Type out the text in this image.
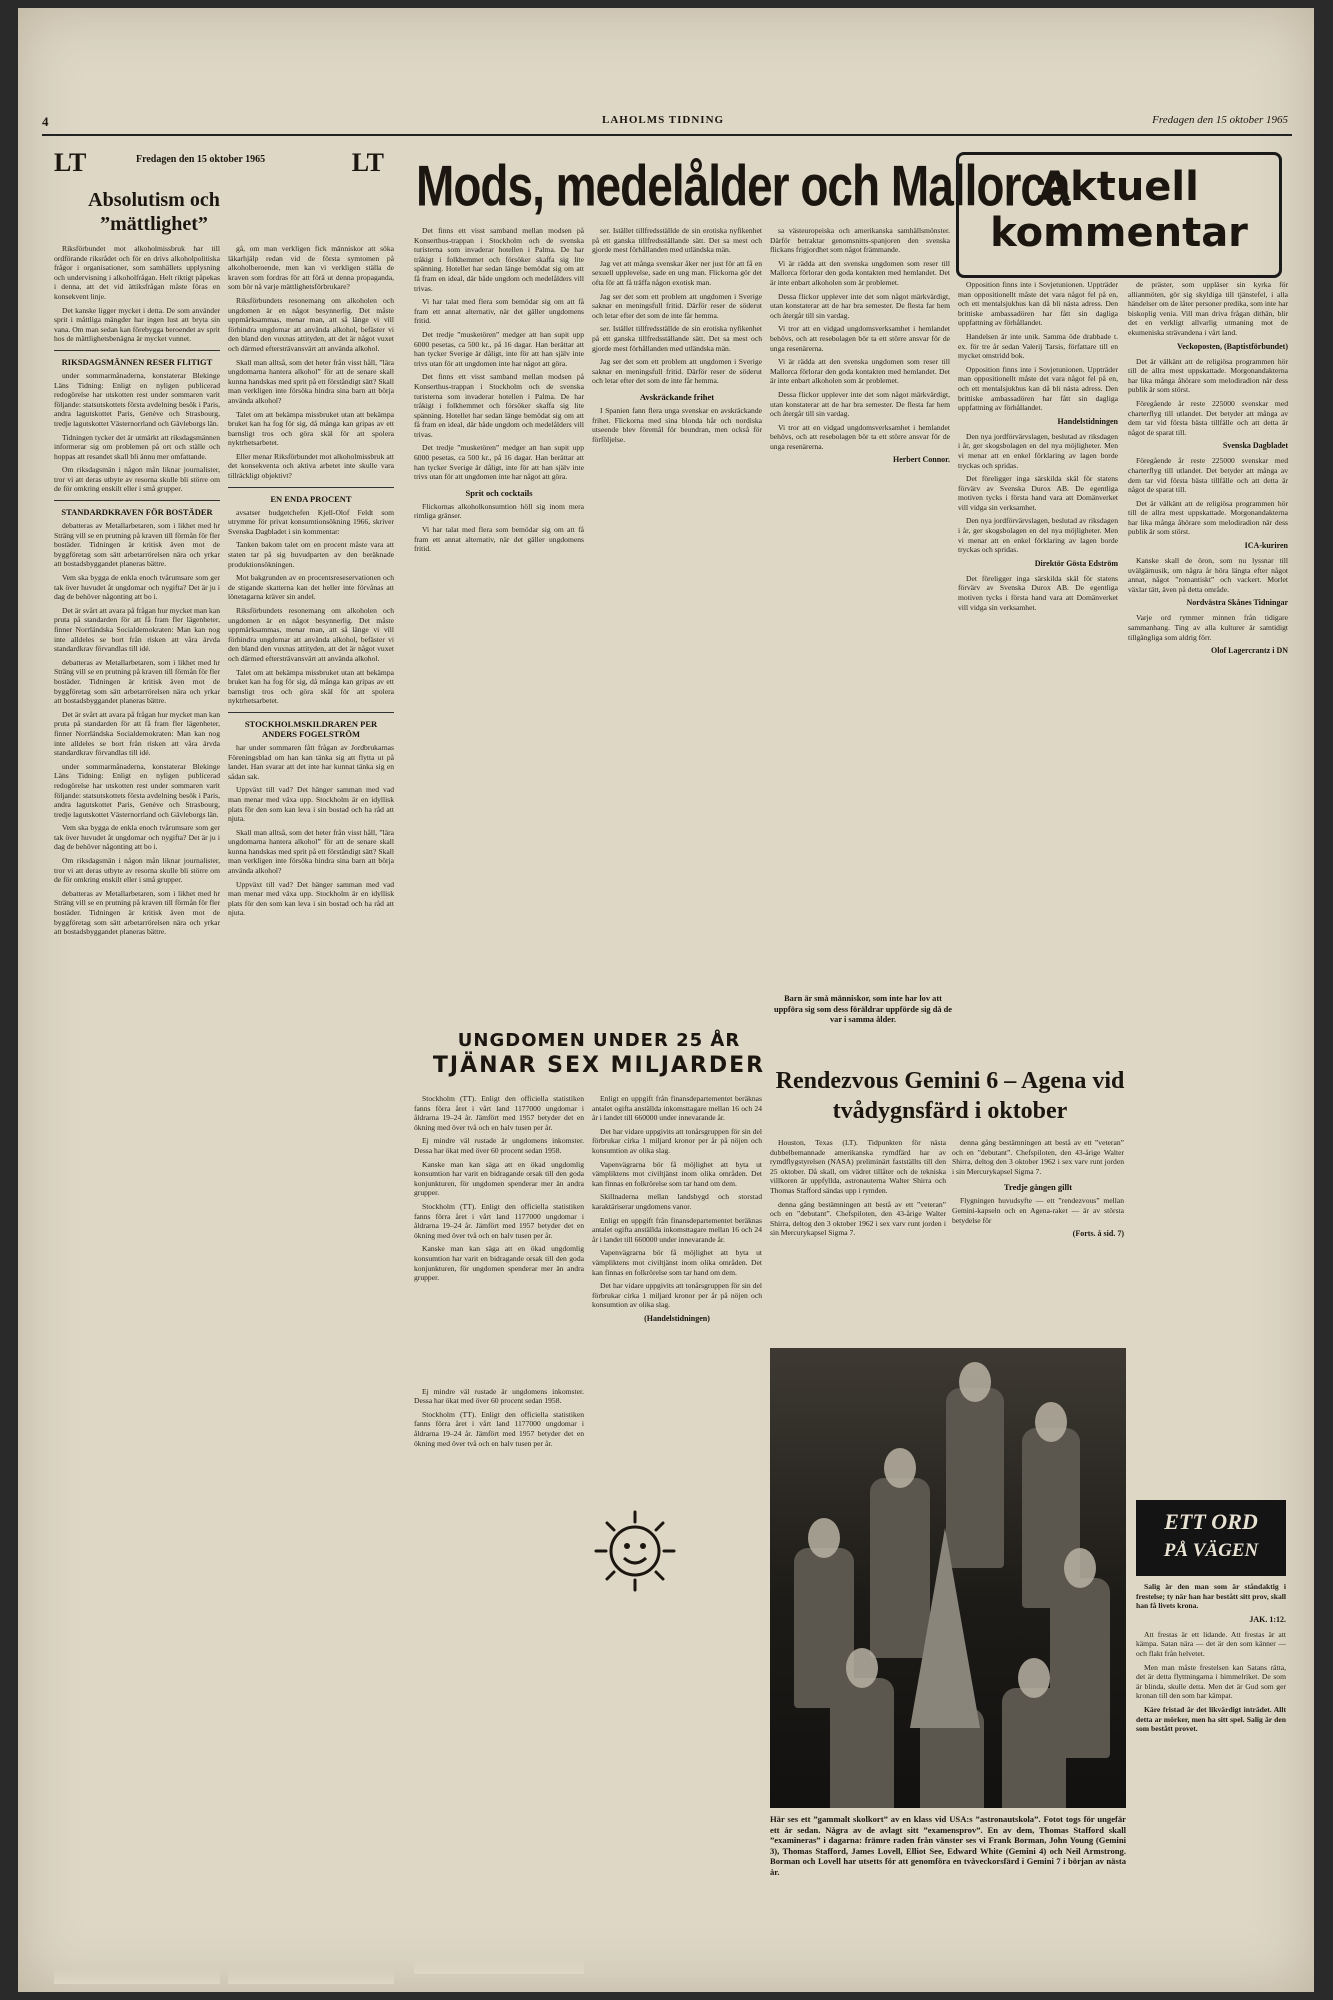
4	LAHOLMS TIDNING	Fredagen den 15 oktober 1965
LT	Fredagen den 15 oktober 1965	LT
Absolutism och ”mättlighet”

Riksförbundet mot alkoholmissbruk har till ordförande riksrådet och för en drivs alkoholpolitiska frågor i organisationer, som samhällets upplysning och undervisning i alkoholfrågan. Helt riktigt påpekas i denna, att det vid ättiksfrågan måste föras en konsekvent linje.

Det kanske ligger mycket i detta. De som använder sprit i måttliga mängder har ingen lust att bryta sin vana. Om man sedan kan förebygga beroendet av sprit hos de mättlighetsbenägna är mycket vunnet.

RIKSDAGSMÄNNEN RESER FLITIGT

under sommarmånaderna, konstaterar Blekinge Läns Tidning: Enligt en nyligen publicerad redogörelse har utskotten rest under sommaren varit följande: statsutskottets första avdelning besök i Paris, andra lagutskottet Paris, Genève och Strasbourg, tredje lagutskottet Västernorrland och Gävleborgs län.

Tidningen tycker det är utmärkt att riksdagsmännen informerar sig om problemen på ort och ställe och hoppas att resandet skall bli ännu mer omfattande.

Om riksdagsmän i någon mån liknar journalister, tror vi att deras utbyte av resorna skulle bli större om de för omkring enskilt eller i små grupper.

STANDARDKRAVEN FÖR BOSTÄDER

debatteras av Metallarbetaren, som i likhet med hr Sträng vill se en prutning på kraven till förmån för fler bostäder. Tidningen är kritisk även mot de byggföretag som sätt arbetarrörelsen nära och yrkar att bostadsbyggandet planeras bättre.

Vem ska bygga de enkla enoch tvårumsare som ger tak över huvudet åt ungdomar och nygifta? Det är ju i dag de behöver någonting att bo i.

Det är svårt att avara på frågan hur mycket man kan pruta på standarden för att få fram fler lägenheter, finner Norrländska Socialdemokraten: Man kan nog inte alldeles se bort från risken att våra ärvda standardkrav förvandlas till idé.

debatteras av Metallarbetaren, som i likhet med hr Sträng vill se en prutning på kraven till förmån för fler bostäder. Tidningen är kritisk även mot de byggföretag som sätt arbetarrörelsen nära och yrkar att bostadsbyggandet planeras bättre.

Det är svårt att avara på frågan hur mycket man kan pruta på standarden för att få fram fler lägenheter, finner Norrländska Socialdemokraten: Man kan nog inte alldeles se bort från risken att våra ärvda standardkrav förvandlas till idé.

under sommarmånaderna, konstaterar Blekinge Läns Tidning: Enligt en nyligen publicerad redogörelse har utskotten rest under sommaren varit följande: statsutskottets första avdelning besök i Paris, andra lagutskottet Paris, Genève och Strasbourg, tredje lagutskottet Västernorrland och Gävleborgs län.

Vem ska bygga de enkla enoch tvårumsare som ger tak över huvudet åt ungdomar och nygifta? Det är ju i dag de behöver någonting att bo i.

Om riksdagsmän i någon mån liknar journalister, tror vi att deras utbyte av resorna skulle bli större om de för omkring enskilt eller i små grupper.

debatteras av Metallarbetaren, som i likhet med hr Sträng vill se en prutning på kraven till förmån för fler bostäder. Tidningen är kritisk även mot de byggföretag som sätt arbetarrörelsen nära och yrkar att bostadsbyggandet planeras bättre.

gå, om man verkligen fick människor att söka läkarhjälp redan vid de första symtomen på alkoholberoende, men kan vi verkligen ställa de kraven som fordras för att förä ut denna propaganda, som bör nå varje mättlighetsförbrukare?

Riksförbundets resonemang om alkoholen och ungdomen är en något besynnerlig. Det måste uppmärksammas, menar man, att så länge vi vill förhindra ungdomar att använda alkohol, befäster vi den bland den vuxnas attityden, att det är något vuxet och därmed eftersträvansvärt att använda alkohol.

Skall man alltså, som det heter från visst håll, ”lära ungdomarna hantera alkohol” för att de senare skall kunna handskas med sprit på ett förståndigt sätt? Skall man verkligen inte försöka hindra sina barn att börja använda alkohol?

Talet om att bekämpa missbruket utan att bekämpa bruket kan ha fog för sig, då många kan gripas av ett barnsligt tros och göra skäl för att spolera nyktrhetsarbetet.

Eller menar Riksförbundet mot alkoholmissbruk att det konsekventa och aktiva arbetet inte skulle vara tillräckligt objektivt?

EN ENDA PROCENT

avsatser budgetchefen Kjell-Olof Feldt som utrymme för privat konsumtionsökning 1966, skriver Svenska Dagbladet i sin kommentar:

Tanken bakom talet om en procent måste vara att staten tar på sig huvudparten av den beräknade produktionsökningen.

Mot bakgrunden av en procentsreseservationen och de stigande skatterna kan det heller inte förvånas att lönetagarna kräver sin andel.

Riksförbundets resonemang om alkoholen och ungdomen är en något besynnerlig. Det måste uppmärksammas, menar man, att så länge vi vill förhindra ungdomar att använda alkohol, befäster vi den bland den vuxnas attityden, att det är något vuxet och därmed eftersträvansvärt att använda alkohol.

Talet om att bekämpa missbruket utan att bekämpa bruket kan ha fog för sig, då många kan gripas av ett barnsligt tros och göra skäl för att spolera nyktrhetsarbetet.

STOCKHOLMSKILDRAREN PER ANDERS FOGELSTRÖM

har under sommaren fått frågan av Jordbrukarnas Föreningsblad om han kan tänka sig att flytta ut på landet. Han svarar att det inte har kunnat tänka sig en sådan sak.

Uppväxt till vad? Det hänger samman med vad man menar med växa upp. Stockholm är en idyllisk plats för den som kan leva i sin bostad och ha råd att njuta.

Skall man alltså, som det heter från visst håll, ”lära ungdomarna hantera alkohol” för att de senare skall kunna handskas med sprit på ett förståndigt sätt? Skall man verkligen inte försöka hindra sina barn att börja använda alkohol?

Uppväxt till vad? Det hänger samman med vad man menar med växa upp. Stockholm är en idyllisk plats för den som kan leva i sin bostad och ha råd att njuta.

Mods, medelålder och Mallorca

Det finns ett visst samband mellan modsen på Konserthus-trappan i Stockholm och de svenska turisterna som invaderar hotellen i Palma. De har tråkigt i folkhemmet och försöker skaffa sig lite spänning. Hotellet har sedan länge bemödat sig om att få fram en ideal, där både ungdom och medelålders vill trivas.

Vi har talat med flera som bemödar sig om att få fram ett annat alternativ, när det gäller ungdomens fritid.

Det tredje ”musketören” medger att han supit upp 6000 pesetas, ca 500 kr., på 16 dagar. Han berättar att han tycker Sverige är dåligt, inte för att han själv inte trivs utan för att ungdomen inte har något att göra.

Det finns ett visst samband mellan modsen på Konserthus-trappan i Stockholm och de svenska turisterna som invaderar hotellen i Palma. De har tråkigt i folkhemmet och försöker skaffa sig lite spänning. Hotellet har sedan länge bemödat sig om att få fram en ideal, där både ungdom och medelålders vill trivas.

Det tredje ”musketören” medger att han supit upp 6000 pesetas, ca 500 kr., på 16 dagar. Han berättar att han tycker Sverige är dåligt, inte för att han själv inte trivs utan för att ungdomen inte har något att göra.

Sprit och cocktails

Flickornas alkoholkonsumtion höll sig inom mera rimliga gränser.

Vi har talat med flera som bemödar sig om att få fram ett annat alternativ, när det gäller ungdomens fritid.

ser. Istället tillfredsställde de sin erotiska nyfikenhet på ett ganska tillfredsställande sätt. Det sa mest och gjorde mest förhållanden med utländska män.

Jag vet att många svenskar åker ner just för att få en sexuell upplevelse, sade en ung man. Flickorna gör det ofta för att få träffa någon exotisk man.

Jag ser det som ett problem att ungdomen i Sverige saknar en meningsfull fritid. Därför reser de söderut och letar efter det som de inte får hemma.

ser. Istället tillfredsställde de sin erotiska nyfikenhet på ett ganska tillfredsställande sätt. Det sa mest och gjorde mest förhållanden med utländska män.

Jag ser det som ett problem att ungdomen i Sverige saknar en meningsfull fritid. Därför reser de söderut och letar efter det som de inte får hemma.

Avskräckande frihet

I Spanien fann flera unga svenskar en avskräckande frihet. Flickorna med sina blonda hår och nordiska utseende blev föremål för beundran, men också för förföljelse.

sa västeuropeiska och amerikanska samhällsmönster. Därför betraktar genomsnitts-spanjoren den svenska flickans frigjordhet som något främmande.

Vi är rädda att den svenska ungdomen som reser till Mallorca förlorar den goda kontakten med hemlandet. Det är inte enbart alkoholen som är problemet.

Dessa flickor upplever inte det som något märkvärdigt, utan konstaterar att de har bra semester. De flesta far hem och återgår till sin vardag.

Vi tror att en vidgad ungdomsverksamhet i hemlandet behövs, och att resebolagen bör ta ett större ansvar för de unga resenärerna.

Vi är rädda att den svenska ungdomen som reser till Mallorca förlorar den goda kontakten med hemlandet. Det är inte enbart alkoholen som är problemet.

Dessa flickor upplever inte det som något märkvärdigt, utan konstaterar att de har bra semester. De flesta far hem och återgår till sin vardag.

Vi tror att en vidgad ungdomsverksamhet i hemlandet behövs, och att resebolagen bör ta ett större ansvar för de unga resenärerna.

Herbert Connor.
Barn är små människor, som inte har lov att uppföra sig som dess föräldrar uppförde sig då de var i samma ålder.
UNGDOMEN UNDER 25 ÅR
TJÄNAR SEX MILJARDER

Stockholm (TT). Enligt den officiella statistiken fanns förra året i vårt land 1177000 ungdomar i åldrarna 19–24 år. Jämfört med 1957 betyder det en ökning med över två och en halv tusen per år.

Ej mindre väl rustade är ungdomens inkomster. Dessa har ökat med över 60 procent sedan 1958.

Kanske man kan säga att en ökad ungdomlig konsumtion har varit en bidragande orsak till den goda konjunkturen, för ungdomen spenderar mer än andra grupper.

Stockholm (TT). Enligt den officiella statistiken fanns förra året i vårt land 1177000 ungdomar i åldrarna 19–24 år. Jämfört med 1957 betyder det en ökning med över två och en halv tusen per år.

Kanske man kan säga att en ökad ungdomlig konsumtion har varit en bidragande orsak till den goda konjunkturen, för ungdomen spenderar mer än andra grupper.

Ej mindre väl rustade är ungdomens inkomster. Dessa har ökat med över 60 procent sedan 1958.

Stockholm (TT). Enligt den officiella statistiken fanns förra året i vårt land 1177000 ungdomar i åldrarna 19–24 år. Jämfört med 1957 betyder det en ökning med över två och en halv tusen per år.

Enligt en uppgift från finansdepartementet beräknas antalet ogifta anställda inkomsttagare mellan 16 och 24 år i landet till 660000 under innevarande år.

Det har vidare uppgivits att tonårsgruppen för sin del förbrukar cirka 1 miljard kronor per år på nöjen och konsumtion av olika slag.

Vapenvägrarna bör få möjlighet att byta ut vämpliktens mot civiltjänst inom olika områden. Det kan finnas en folkrörelse som tar hand om dem.

Skillnaderna mellan landsbygd och storstad karaktäriserar ungdomens vanor.

Enligt en uppgift från finansdepartementet beräknas antalet ogifta anställda inkomsttagare mellan 16 och 24 år i landet till 660000 under innevarande år.

Vapenvägrarna bör få möjlighet att byta ut vämpliktens mot civiltjänst inom olika områden. Det kan finnas en folkrörelse som tar hand om dem.

Det har vidare uppgivits att tonårsgruppen för sin del förbrukar cirka 1 miljard kronor per år på nöjen och konsumtion av olika slag.

(Handelstidningen)
Aktuell
kommentar

Opposition finns inte i Sovjetunionen. Uppträder man oppositionellt måste det vara något fel på en, och ett mentalsjukhus kan då bli nästa adress. Den brittiske ambassadören har fått sin dagliga uppfattning av förhållandet.

Handelsen är inte unik. Samma öde drabbade t. ex. för tre år sedan Valerij Tarsis, författare till en mycket omstridd bok.

Opposition finns inte i Sovjetunionen. Uppträder man oppositionellt måste det vara något fel på en, och ett mentalsjukhus kan då bli nästa adress. Den brittiske ambassadören har fått sin dagliga uppfattning av förhållandet.

Handelstidningen

Den nya jordförvärvslagen, beslutad av riksdagen i år, ger skogsbolagen en del nya möjligheter. Men vi menar att en enkel förklaring av lagen borde tryckas och spridas.

Det föreligger inga särskilda skäl för statens förvärv av Svenska Durox AB. De egentliga motiven tycks i första hand vara att Domänverket vill vidga sin verksamhet.

Den nya jordförvärvslagen, beslutad av riksdagen i år, ger skogsbolagen en del nya möjligheter. Men vi menar att en enkel förklaring av lagen borde tryckas och spridas.

Direktör Gösta Edström

Det föreligger inga särskilda skäl för statens förvärv av Svenska Durox AB. De egentliga motiven tycks i första hand vara att Domänverket vill vidga sin verksamhet.

de präster, som uppläser sin kyrka för allianmöten, gör sig skyldiga till tjänstefel, i alla händelser om de låter personer predika, som inte har biskoplig venia. Vill man driva frågan dithän, blir det en verkligt allvarlig utmaning mot de ekumeniska strävandena i vårt land.

Veckoposten, (Baptistförbundet)

Det är välkänt att de religiösa programmen hör till de allra mest uppskattade. Morgonandakterna har lika många åhörare som melodiradion när dess publik är som störst.

Föregående år reste 225000 svenskar med charterflyg till utlandet. Det betyder att många av dem tar vid första bästa tillfälle och att detta är något de sparat till.

Svenska Dagbladet

Föregående år reste 225000 svenskar med charterflyg till utlandet. Det betyder att många av dem tar vid första bästa tillfälle och att detta är något de sparat till.

Det är välkänt att de religiösa programmen hör till de allra mest uppskattade. Morgonandakterna har lika många åhörare som melodiradion när dess publik är som störst.

ICA-kuriren

Kanske skall de öron, som nu lyssnar till uvälgärnusik, om några år höra längta efter något annat, något ”romantiskt” och vackert. Morlet växlar tätt, även på detta område.

Nordvästra Skånes Tidningar

Varje ord rymmer minnen från tidigare sammanhang. Ting av alla kulturer är samtidigt tillgängliga som aldrig förr.

Olof Lagercrantz i DN
Rendezvous Gemini 6 – Agena vid tvådygnsfärd i oktober

Houston, Texas (LT). Tidpunkten för nästa dubbelbemannade amerikanska rymdfärd har av rymdflygstyrelsen (NASA) preliminärt fastställts till den 25 oktober. Då skall, om vädret tillåter och de tekniska villkoren är uppfyllda, astronauterna Walter Shirra och Thomas Stafford sändas upp i rymden.

denna gång bestämningen att bestå av ett ”veteran” och en ”debutant”. Chefspiloten, den 43-årige Walter Shirra, deltog den 3 oktober 1962 i sex varv runt jorden i sin Mercurykapsel Sigma 7.

denna gång bestämningen att bestå av ett ”veteran” och en ”debutant”. Chefspiloten, den 43-årige Walter Shirra, deltog den 3 oktober 1962 i sex varv runt jorden i sin Mercurykapsel Sigma 7.

Tredje gången gillt

Flygningen huvudsyfte — ett ”rendezvous” mellan Gemini-kapseln och en Agena-raket — är av största betydelse för

(Forts. å sid. 7)
Här ses ett ”gammalt skolkort” av en klass vid USA:s ”astronautskola”. Fotot togs för ungefär ett år sedan. Några av de avlagt sitt ”examensprov”. En av dem, Thomas Stafford skall ”examineras” i dagarna: främre raden från vänster ses vi Frank Borman, John Young (Gemini 3), Thomas Stafford, James Lovell, Elliot See, Edward White (Gemini 4) och Neil Armstrong. Borman och Lovell har utsetts för att genomföra en tvåveckorsfärd i Gemini 7 i början av nästa år.
ETT ORD
PÅ VÄGEN

Salig är den man som är ståndaktig i frestelse; ty när han har bestått sitt prov, skall han få livets krona.

JAK. 1:12.

Att frestas är ett lidande. Att frestas är att kämpa. Satan nära — det är den som känner — och flakt från helvetet.

Men man måste frestelsen kan Satans rätta, det är detta flyttningarna i himmelriket. De som är blinda, skulle detta. Men det är Gud som ger kronan till den som har kämpat.

Käre fristad är det likvärdigt inträdet. Allt detta ar mörker, men ha sitt spel. Salig är den som bestått provet.
